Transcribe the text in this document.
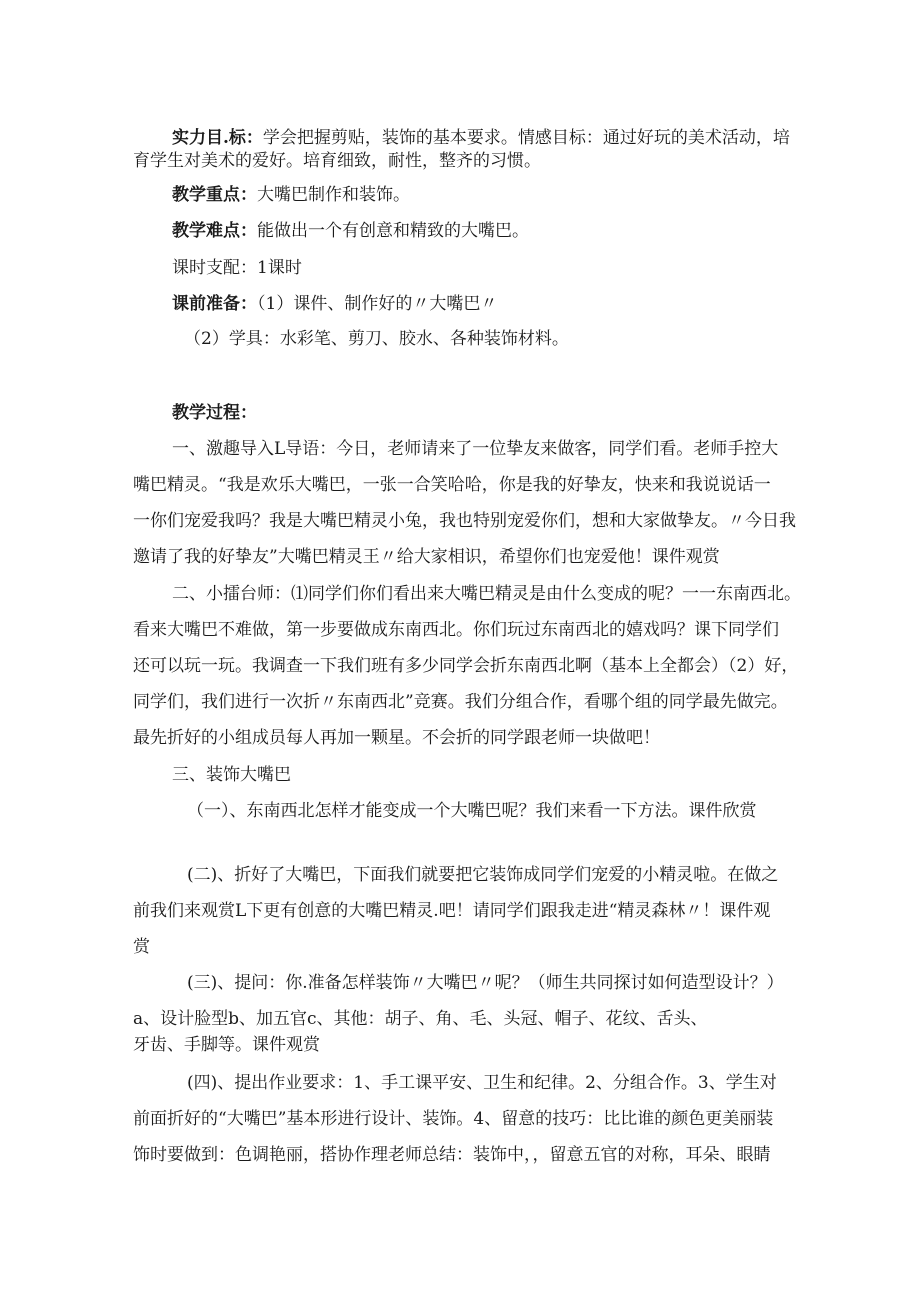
实力目.标：学会把握剪贴，装饰的基本要求。情感目标：通过好玩的美术活动，培
育学生对美术的爱好。培育细致，耐性，整齐的习惯。
教学重点：大嘴巴制作和装饰。
教学难点：能做出一个有创意和精致的大嘴巴。
课时支配：1课时
课前准备：（1）课件、制作好的〃大嘴巴〃
（2）学具：水彩笔、剪刀、胶水、各种装饰材料。
教学过程：
一、激趣导入L导语：今日，老师请来了一位挚友来做客，同学们看。老师手控大
嘴巴精灵。“我是欢乐大嘴巴，一张一合笑哈哈，你是我的好挚友，快来和我说说话一
一你们宠爱我吗？我是大嘴巴精灵小兔，我也特别宠爱你们，想和大家做挚友。〃今日我
邀请了我的好挚友”大嘴巴精灵王〃给大家相识，希望你们也宠爱他！课件观赏
二、小擂台师：⑴同学们你们看出来大嘴巴精灵是由什么变成的呢？一一东南西北。
看来大嘴巴不难做，第一步要做成东南西北。你们玩过东南西北的嬉戏吗？课下同学们
还可以玩一玩。我调查一下我们班有多少同学会折东南西北啊（基本上全都会）（2）好，
同学们，我们进行一次折〃东南西北”竞赛。我们分组合作，看哪个组的同学最先做完。
最先折好的小组成员每人再加一颗星。不会折的同学跟老师一块做吧！
三、装饰大嘴巴
（一）、东南西北怎样才能变成一个大嘴巴呢？我们来看一下方法。课件欣赏
(二)、折好了大嘴巴，下面我们就要把它装饰成同学们宠爱的小精灵啦。在做之
前我们来观赏L下更有创意的大嘴巴精灵.吧！请同学们跟我走进“精灵森林〃！课件观
赏
(三)、提问：你.准备怎样装饰〃大嘴巴〃呢？（师生共同探讨如何造型设计？）
a、设计脸型b、加五官c、其他：胡子、角、毛、头冠、帽子、花纹、舌头、
牙齿、手脚等。课件观赏
(四)、提出作业要求：1、手工课平安、卫生和纪律。2、分组合作。3、学生对
前面折好的“大嘴巴”基本形进行设计、装饰。4、留意的技巧：比比谁的颜色更美丽装
饰时要做到：色调艳丽，搭协作理老师总结：装饰中，，留意五官的对称，耳朵、眼睛
